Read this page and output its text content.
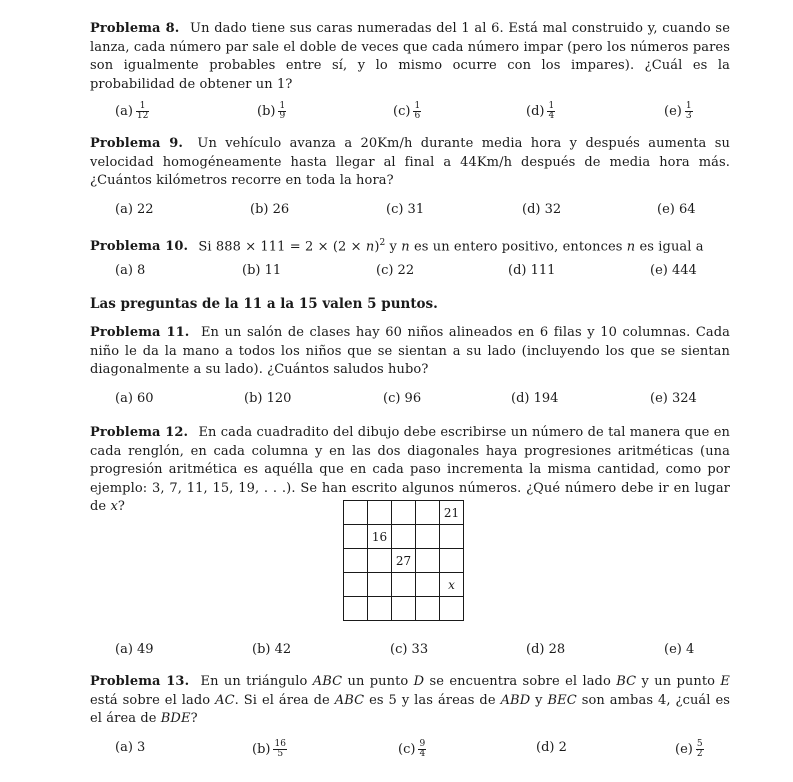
Problema 8. Un dado tiene sus caras numeradas del 1 al 6. Está mal construido y, cuando se lanza, cada número par sale el doble de veces que cada número impar (pero los números pares son igualmente probables entre sí, y lo mismo ocurre con los impares). ¿Cuál es la probabilidad de obtener un 1?

$(a) \frac{1}{12}$	$(b) \frac{1}{9}$	$(c) \frac{1}{6}$	$(d) \frac{1}{4}$	$(e) \frac{1}{3}$

Problema 9. Un vehículo avanza a 20Km/h durante media hora y después aumenta su velocidad homogéneamente hasta llegar al final a 44Km/h después de media hora más. ¿Cuántos kilómetros recorre en toda la hora?

(a) 22	(b) 26	(c) 31	(d) 32	(e) 64

Problema 10. Si $888 \times 111 = 2 \times (2 \times n)^2$ y n es un entero positivo, entonces n es igual a

(a) 8	(b) 11	(c) 22	(d) 111	(e) 444
Las preguntas de la 11 a la 15 valen 5 puntos.

Problema 11. En un salón de clases hay 60 niños alineados en 6 filas y 10 columnas. Cada niño le da la mano a todos los niños que se sientan a su lado (incluyendo los que se sientan diagonalmente a su lado). ¿Cuántos saludos hubo?

(a) 60	(b) 120	(c) 96	(d) 194	(e) 324

Problema 12. En cada cuadradito del dibujo debe escribirse un número de tal manera que en cada renglón, en cada columna y en las dos diagonales haya progresiones aritméticas (una progresión aritmética es aquélla que en cada paso incrementa la misma cantidad, como por ejemplo: 3, 7, 11, 15, 19, . . .). Se han escrito algunos números. ¿Qué número debe ir en lugar de x?

					21
	16			
		27		
				x

(a) 49	(b) 42	(c) 33	(d) 28	(e) 4

Problema 13. En un triángulo ABC un punto D se encuentra sobre el lado BC y un punto E está sobre el lado AC. Si el área de ABC es 5 y las áreas de ABD y BEC son ambas 4, ¿cuál es el área de BDE?

(a) 3	$(b) \frac{16}{5}$	$(c) \frac{9}{4}$	(d) 2	$(e) \frac{5}{2}$
